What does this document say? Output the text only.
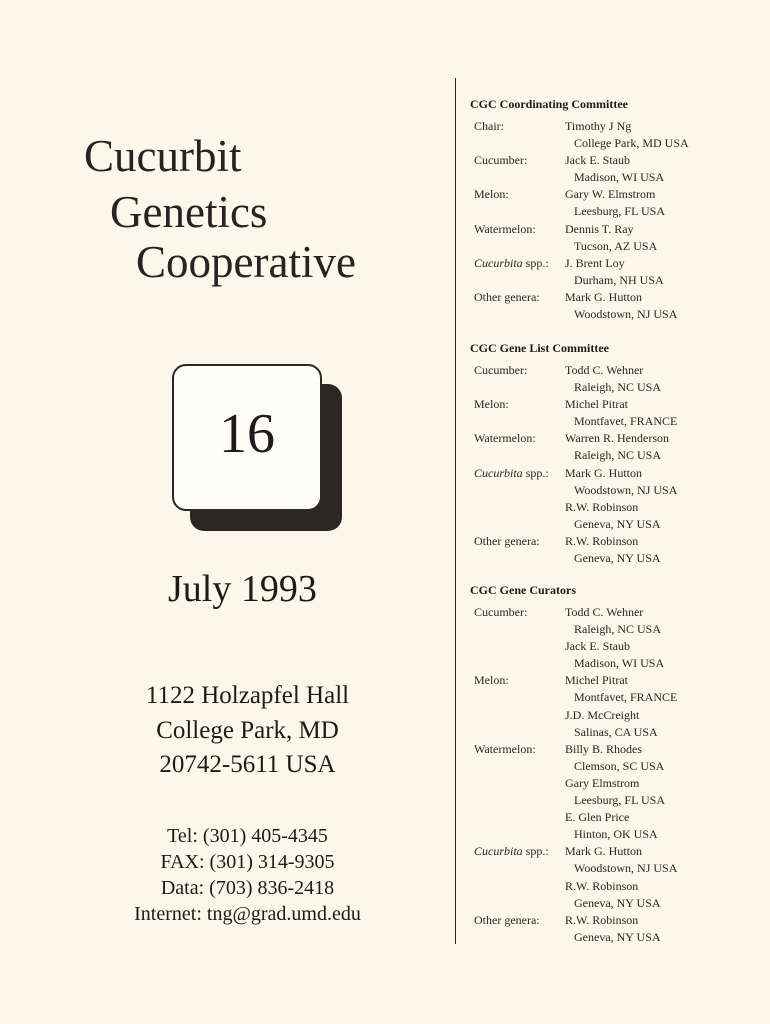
Cucurbit
Genetics
Cooperative
16
July 1993
1122 Holzapfel Hall
College Park, MD
20742-5611 USA
Tel: (301) 405-4345
FAX: (301) 314-9305
Data: (703) 836-2418
Internet: tng@grad.umd.edu
CGC Coordinating Committee
Chair:	Timothy J Ng
College Park, MD USA
Cucumber:	Jack E. Staub
Madison, WI USA
Melon:	Gary W. Elmstrom
Leesburg, FL USA
Watermelon: Dennis T. Ray
Tucson, AZ USA
Cucurbita spp.: J. Brent Loy
Durham, NH USA
Other genera: Mark G. Hutton
Woodstown, NJ USA
CGC Gene List Committee
Cucumber:	Todd C. Wehner
Raleigh, NC USA
Melon:	Michel Pitrat
Montfavet, FRANCE
Watermelon: Warren R. Henderson
Raleigh, NC USA
Cucurbita spp.: Mark G. Hutton
Woodstown, NJ USA
R.W. Robinson
Geneva, NY USA
Other genera: R.W. Robinson
Geneva, NY USA
CGC Gene Curators
Cucumber:	Todd C. Wehner
Raleigh, NC USA
Jack E. Staub
Madison, WI USA
Melon:	Michel Pitrat
Montfavet, FRANCE
J.D. McCreight
Salinas, CA USA
Watermelon: Billy B. Rhodes
Clemson, SC USA
Gary Elmstrom
Leesburg, FL USA
E. Glen Price
Hinton, OK USA
Cucurbita spp.: Mark G. Hutton
Woodstown, NJ USA
R.W. Robinson
Geneva, NY USA
Other genera: R.W. Robinson
Geneva, NY USA
